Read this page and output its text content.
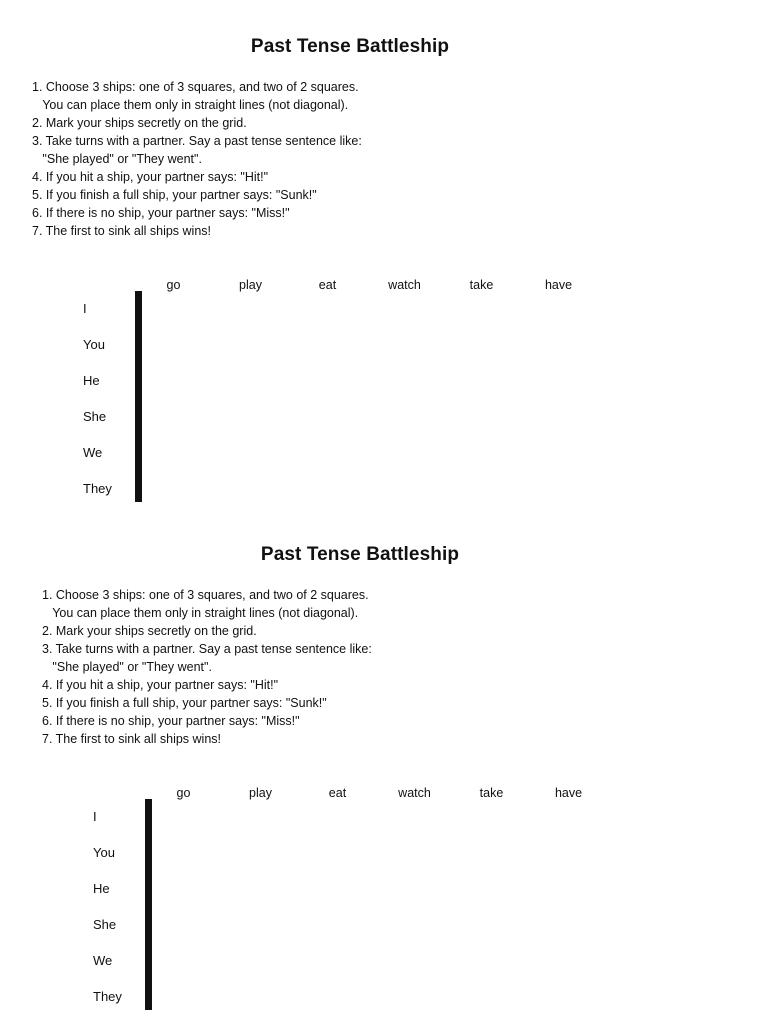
Past Tense Battleship
1. Choose 3 ships: one of 3 squares, and two of 2 squares.
You can place them only in straight lines (not diagonal).
2. Mark your ships secretly on the grid.
3. Take turns with a partner. Say a past tense sentence like:
"She played" or "They went".
4. If you hit a ship, your partner says: "Hit!"
5. If you finish a full ship, your partner says: "Sunk!"
6. If there is no ship, your partner says: "Miss!"
7. The first to sink all ships wins!
go	play	eat	watch	take	have
I
You
He
She
We
They

Past Tense Battleship
1. Choose 3 ships: one of 3 squares, and two of 2 squares.
You can place them only in straight lines (not diagonal).
2. Mark your ships secretly on the grid.
3. Take turns with a partner. Say a past tense sentence like:
"She played" or "They went".
4. If you hit a ship, your partner says: "Hit!"
5. If you finish a full ship, your partner says: "Sunk!"
6. If there is no ship, your partner says: "Miss!"
7. The first to sink all ships wins!
go	play	eat	watch	take	have
I
You
He
She
We
They
